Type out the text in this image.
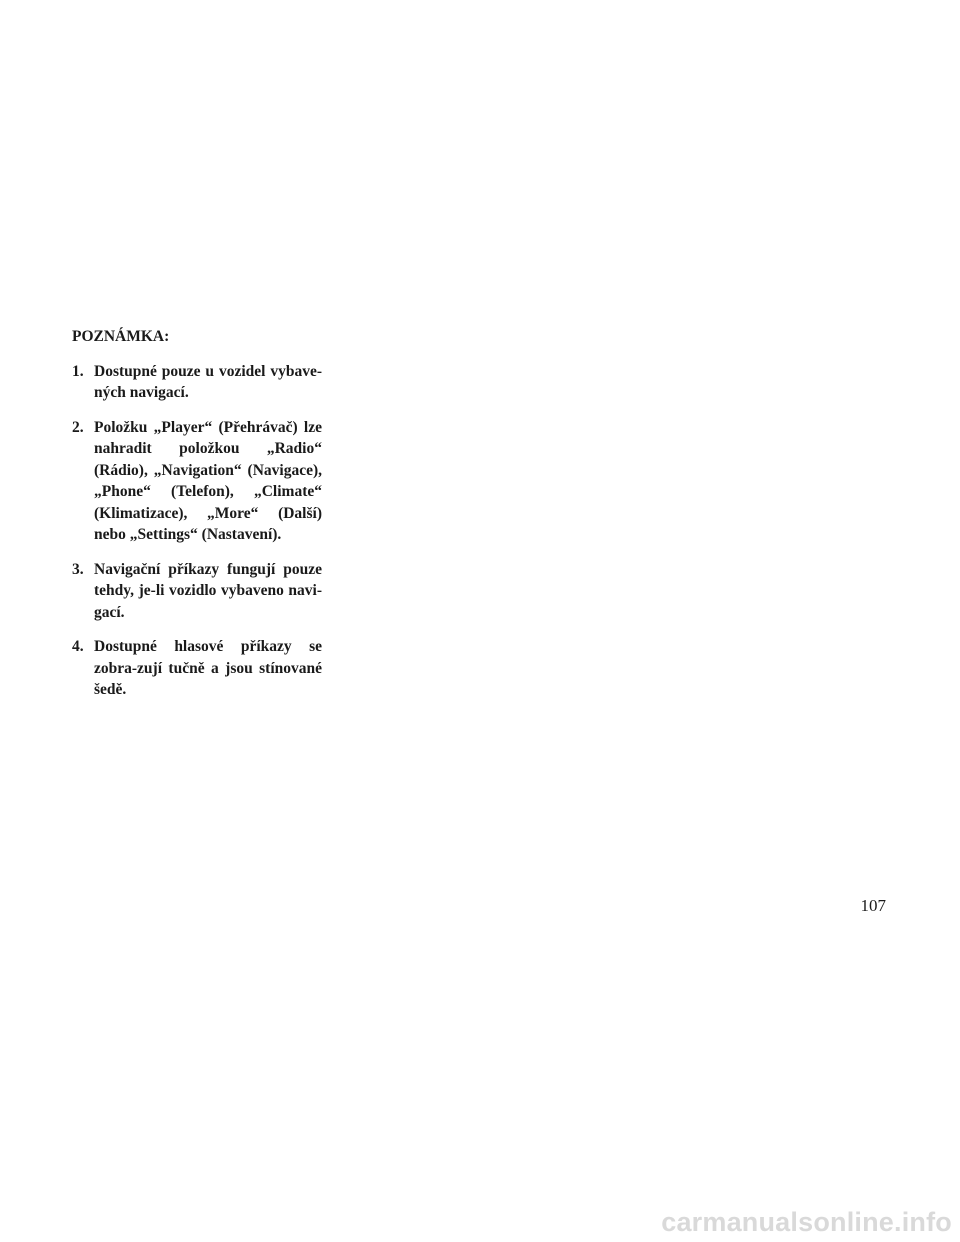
POZNÁMKA:
1. Dostupné pouze u vozidel vybave-ných navigací.
2. Položku „Player“ (Přehrávač) lze nahradit položkou „Radio“ (Rádio), „Navigation“ (Navigace), „Phone“ (Telefon), „Climate“ (Klimatizace), „More“ (Další) nebo „Settings“ (Nastavení).
3. Navigační příkazy fungují pouze tehdy, je-li vozidlo vybaveno navi-gací.
4. Dostupné hlasové příkazy se zobra-zují tučně a jsou stínované šedě.
107
carmanualsonline.info
